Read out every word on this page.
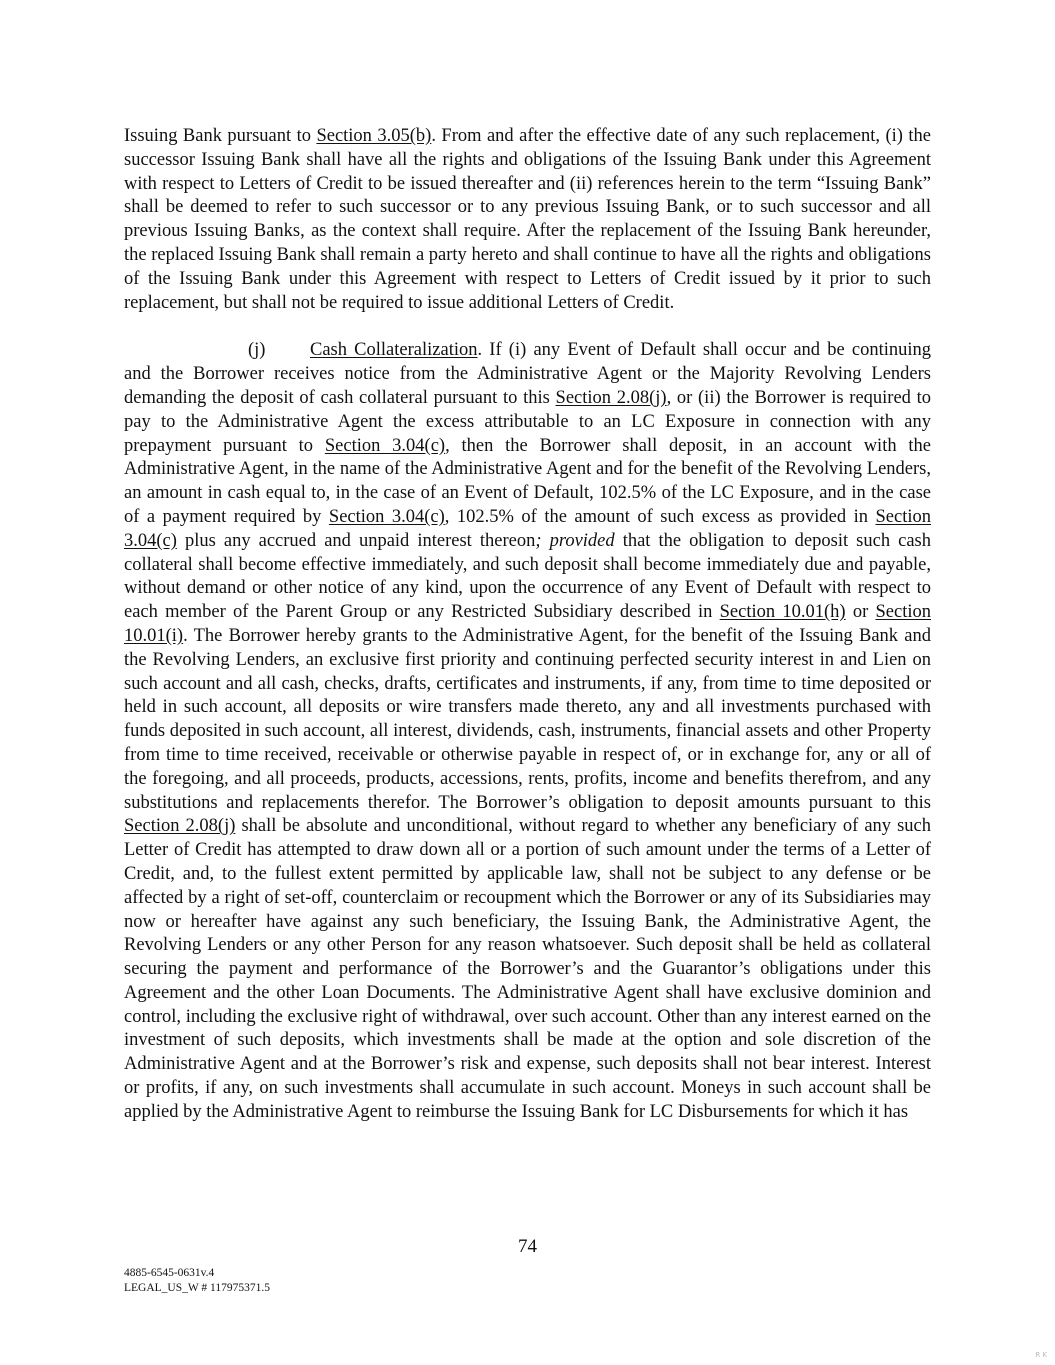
Issuing Bank pursuant to Section 3.05(b). From and after the effective date of any such replacement, (i) the successor Issuing Bank shall have all the rights and obligations of the Issuing Bank under this Agreement with respect to Letters of Credit to be issued thereafter and (ii) references herein to the term “Issuing Bank” shall be deemed to refer to such successor or to any previous Issuing Bank, or to such successor and all previous Issuing Banks, as the context shall require. After the replacement of the Issuing Bank hereunder, the replaced Issuing Bank shall remain a party hereto and shall continue to have all the rights and obligations of the Issuing Bank under this Agreement with respect to Letters of Credit issued by it prior to such replacement, but shall not be required to issue additional Letters of Credit.

(j) Cash Collateralization. If (i) any Event of Default shall occur and be continuing and the Borrower receives notice from the Administrative Agent or the Majority Revolving Lenders demanding the deposit of cash collateral pursuant to this Section 2.08(j), or (ii) the Borrower is required to pay to the Administrative Agent the excess attributable to an LC Exposure in connection with any prepayment pursuant to Section 3.04(c), then the Borrower shall deposit, in an account with the Administrative Agent, in the name of the Administrative Agent and for the benefit of the Revolving Lenders, an amount in cash equal to, in the case of an Event of Default, 102.5% of the LC Exposure, and in the case of a payment required by Section 3.04(c), 102.5% of the amount of such excess as provided in Section 3.04(c) plus any accrued and unpaid interest thereon; provided that the obligation to deposit such cash collateral shall become effective immediately, and such deposit shall become immediately due and payable, without demand or other notice of any kind, upon the occurrence of any Event of Default with respect to each member of the Parent Group or any Restricted Subsidiary described in Section 10.01(h) or Section 10.01(i). The Borrower hereby grants to the Administrative Agent, for the benefit of the Issuing Bank and the Revolving Lenders, an exclusive first priority and continuing perfected security interest in and Lien on such account and all cash, checks, drafts, certificates and instruments, if any, from time to time deposited or held in such account, all deposits or wire transfers made thereto, any and all investments purchased with funds deposited in such account, all interest, dividends, cash, instruments, financial assets and other Property from time to time received, receivable or otherwise payable in respect of, or in exchange for, any or all of the foregoing, and all proceeds, products, accessions, rents, profits, income and benefits therefrom, and any substitutions and replacements therefor. The Borrower’s obligation to deposit amounts pursuant to this Section 2.08(j) shall be absolute and unconditional, without regard to whether any beneficiary of any such Letter of Credit has attempted to draw down all or a portion of such amount under the terms of a Letter of Credit, and, to the fullest extent permitted by applicable law, shall not be subject to any defense or be affected by a right of set-off, counterclaim or recoupment which the Borrower or any of its Subsidiaries may now or hereafter have against any such beneficiary, the Issuing Bank, the Administrative Agent, the Revolving Lenders or any other Person for any reason whatsoever. Such deposit shall be held as collateral securing the payment and performance of the Borrower’s and the Guarantor’s obligations under this Agreement and the other Loan Documents. The Administrative Agent shall have exclusive dominion and control, including the exclusive right of withdrawal, over such account. Other than any interest earned on the investment of such deposits, which investments shall be made at the option and sole discretion of the Administrative Agent and at the Borrower’s risk and expense, such deposits shall not bear interest. Interest or profits, if any, on such investments shall accumulate in such account. Moneys in such account shall be applied by the Administrative Agent to reimburse the Issuing Bank for LC Disbursements for which it has

74
4885-6545-0631v.4
LEGAL_US_W # 117975371.5
R K
